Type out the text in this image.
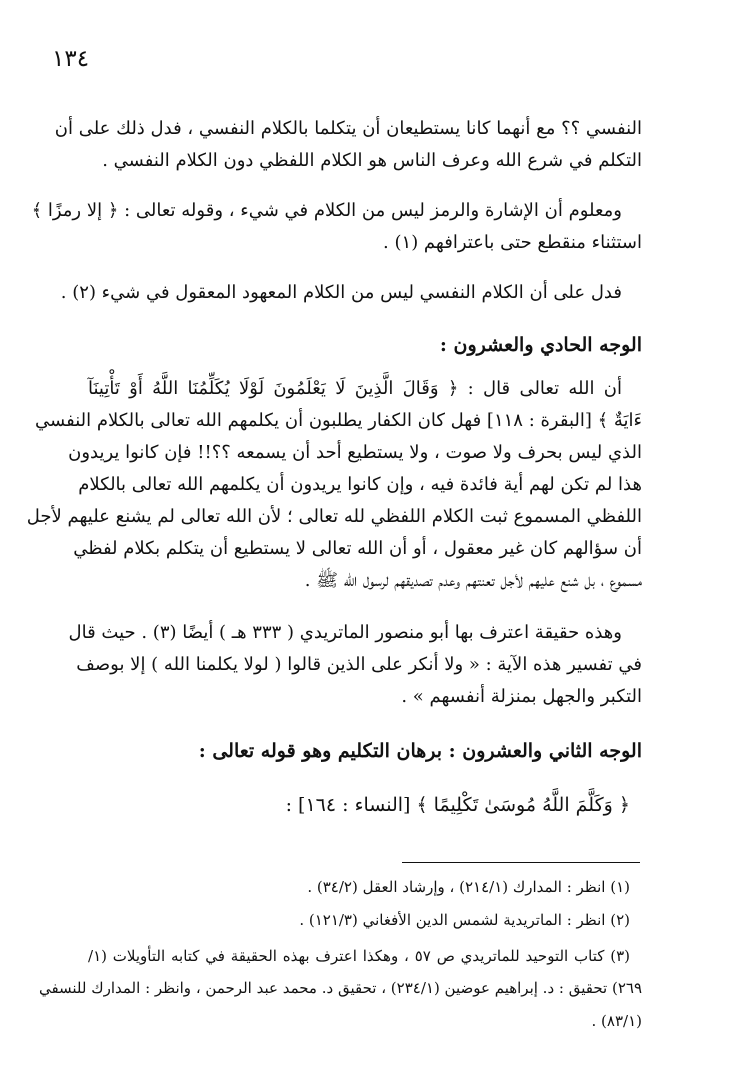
١٣٤
النفسي ؟؟ مع أنهما كانا يستطيعان أن يتكلما بالكلام النفسي ، فدل ذلك على أن
التكلم في شرع الله وعرف الناس هو الكلام اللفظي دون الكلام النفسي .
ومعلوم أن الإشارة والرمز ليس من الكلام في شيء ، وقوله تعالى : ﴿ إلا رمزًا ﴾
استثناء منقطع حتى باعترافهم (١) .
فدل على أن الكلام النفسي ليس من الكلام المعهود المعقول في شيء (٢) .
الوجه الحادي والعشرون :
أن الله تعالى قال : ﴿ وَقَالَ الَّذِينَ لَا يَعْلَمُونَ لَوْلَا يُكَلِّمُنَا اللَّهُ أَوْ تَأْتِينَآ
ءَايَةٌ ﴾ [البقرة : ١١٨] فهل كان الكفار يطلبون أن يكلمهم الله تعالى بالكلام النفسي
الذي ليس بحرف ولا صوت ، ولا يستطيع أحد أن يسمعه ؟؟!! فإن كانوا يريدون
هذا لم تكن لهم أية فائدة فيه ، وإن كانوا يريدون أن يكلمهم الله تعالى بالكلام
اللفظي المسموع ثبت الكلام اللفظي لله تعالى ؛ لأن الله تعالى لم يشنع عليهم لأجل
أن سؤالهم كان غير معقول ، أو أن الله تعالى لا يستطيع أن يتكلم بكلام لفظي
مسموع ، بل شنع عليهم لأجل تعنتهم وعدم تصديقهم لرسول الله ﷺ .
وهذه حقيقة اعترف بها أبو منصور الماتريدي ( ٣٣٣ هـ ) أيضًا (٣) . حيث قال
في تفسير هذه الآية : « ولا أنكر على الذين قالوا ( لولا يكلمنا الله ) إلا بوصف
التكبر والجهل بمنزلة أنفسهم » .
الوجه الثاني والعشرون : برهان التكليم وهو قوله تعالى :
﴿ وَكَلَّمَ اللَّهُ مُوسَىٰ تَكْلِيمًا ﴾ [النساء : ١٦٤] :
(١) انظر : المدارك (٢١٤/١) ، وإرشاد العقل (٣٤/٢) .
(٢) انظر : الماتريدية لشمس الدين الأفغاني (١٢١/٣) .
(٣) كتاب التوحيد للماتريدي ص ٥٧ ، وهكذا اعترف بهذه الحقيقة في كتابه التأويلات (١/
٢٦٩) تحقيق : د. إبراهيم عوضين (٢٣٤/١) ، تحقيق د. محمد عبد الرحمن ، وانظر : المدارك للنسفي
(٨٣/١) .
